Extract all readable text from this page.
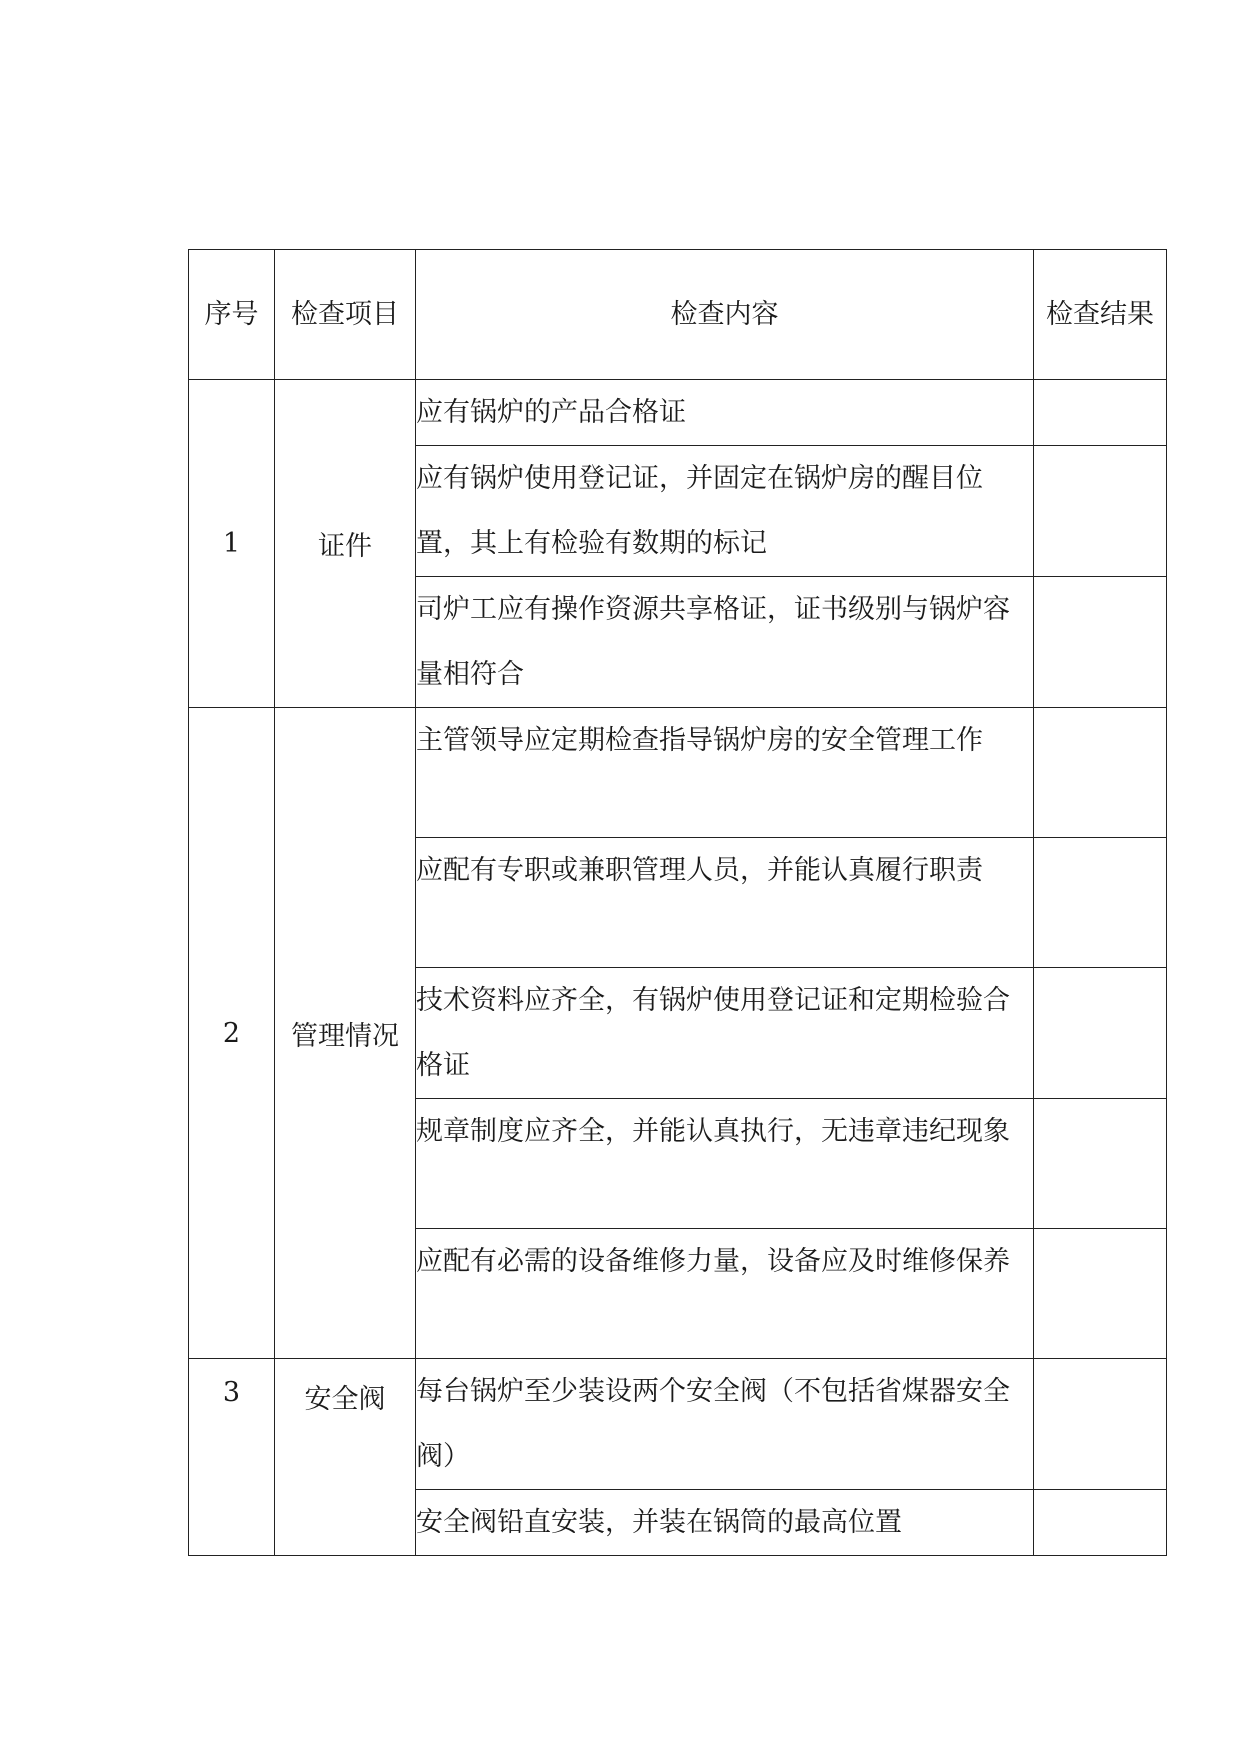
序号	检查项目	检查内容	检查结果

1	证件	应有锅炉的产品合格证	

		应有锅炉使用登记证，并固定在锅炉房的醒目位置，其上有检验有数期的标记	

		司炉工应有操作资源共享格证，证书级别与锅炉容量相符合	

2	管理情况	主管领导应定期检查指导锅炉房的安全管理工作	

		应配有专职或兼职管理人员，并能认真履行职责	

		技术资料应齐全，有锅炉使用登记证和定期检验合格证	

		规章制度应齐全，并能认真执行，无违章违纪现象	

		应配有必需的设备维修力量，设备应及时维修保养	

3	安全阀	每台锅炉至少装设两个安全阀（不包括省煤器安全阀）	

		安全阀铅直安装，并装在锅筒的最高位置	
